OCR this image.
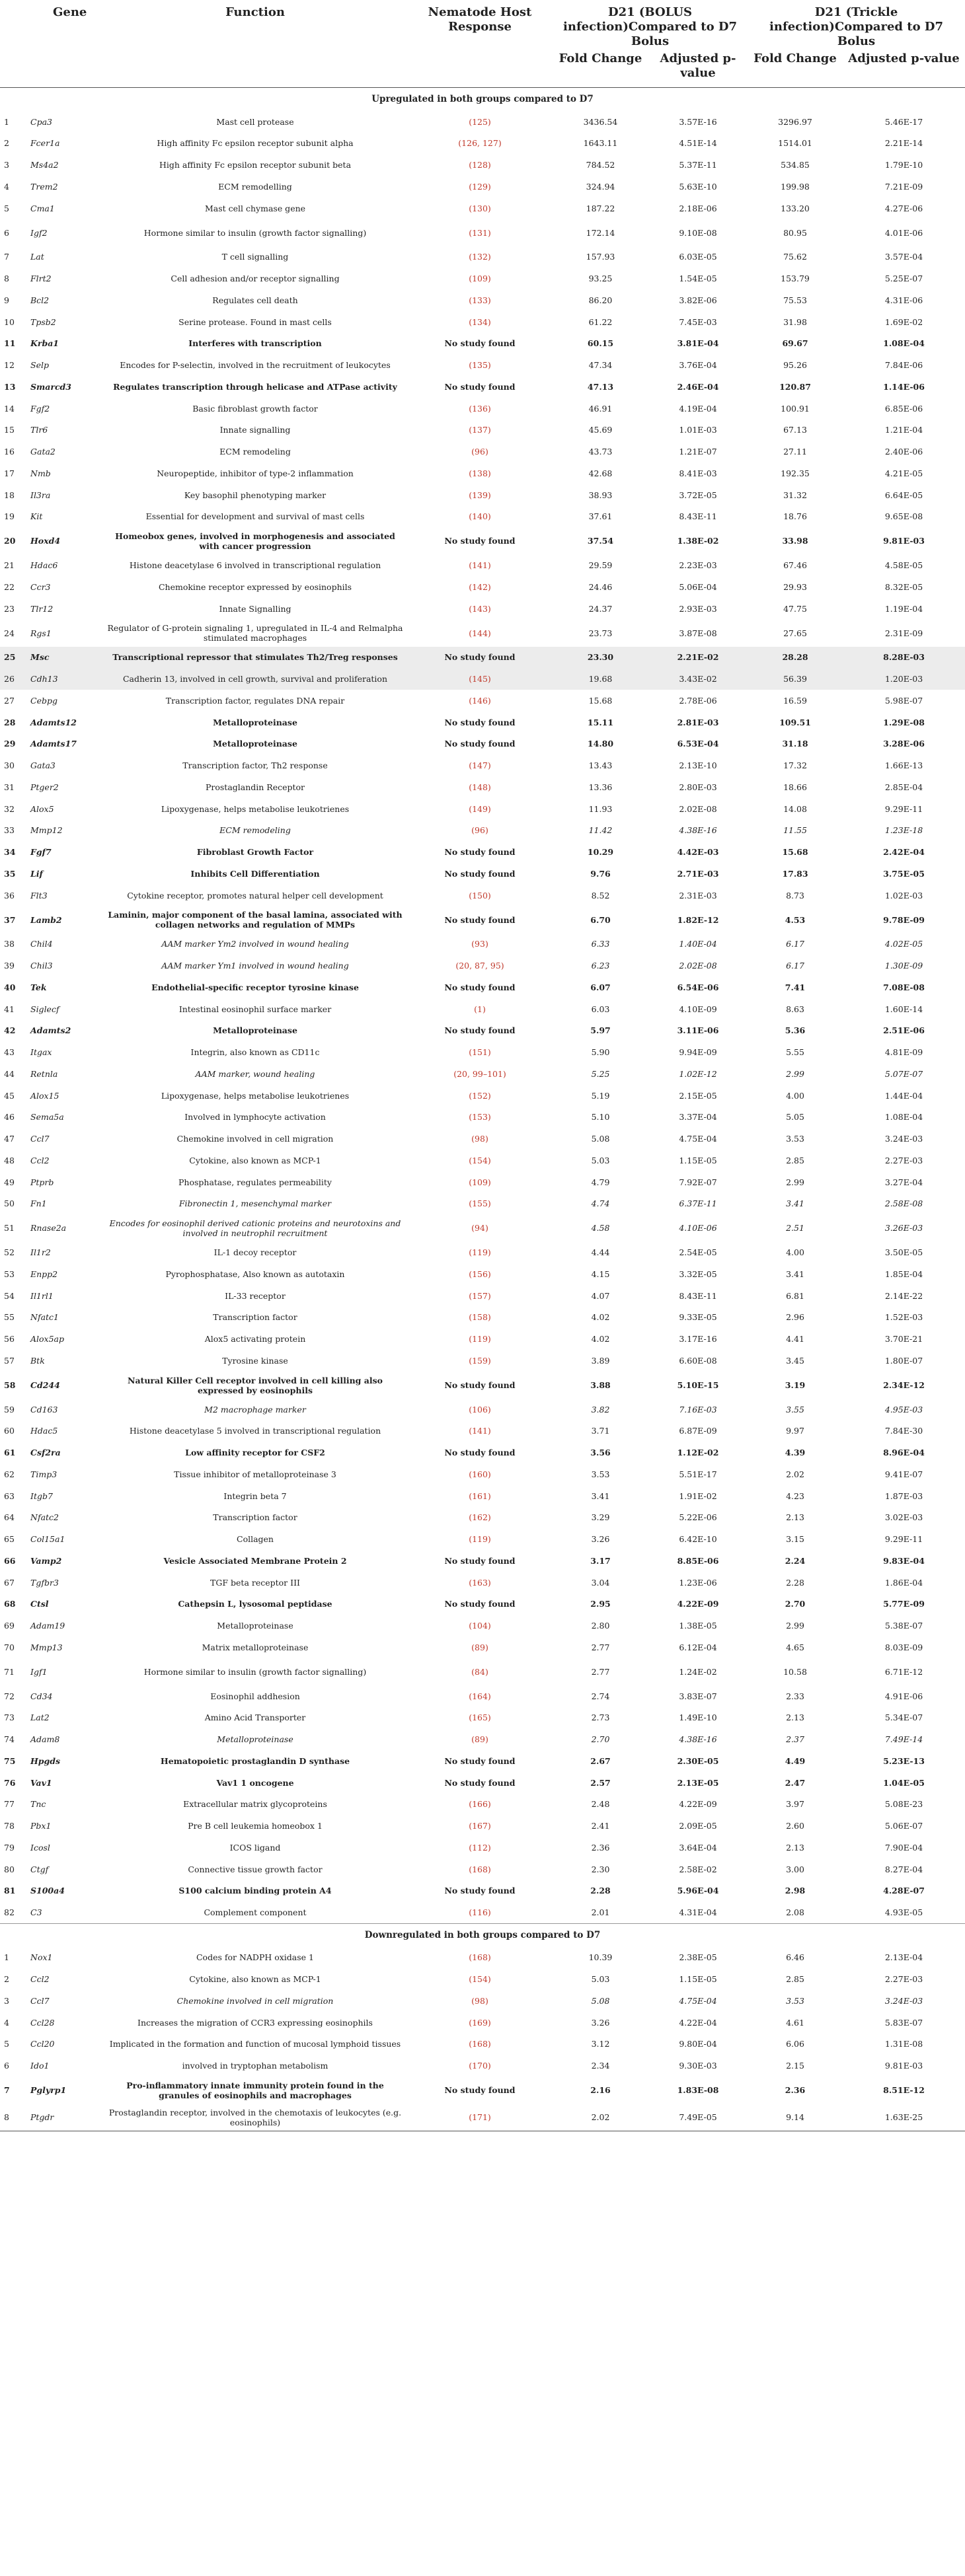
Gene		Function	Nematode Host Response	D21 (BOLUS infection)Compared to D7 Bolus		D21 (Trickle infection)Compared to D7 Bolus	
				Fold Change	Adjusted p-value	Fold Change	Adjusted p-value
Upregulated in both groups compared to D7							
1	Cpa3	Mast cell protease	(125)	3436.54	3.57E-16	3296.97	5.46E-17
2	Fcer1a	High affinity Fc epsilon receptor subunit alpha	(126, 127)	1643.11	4.51E-14	1514.01	2.21E-14
3	Ms4a2	High affinity Fc epsilon receptor subunit beta	(128)	784.52	5.37E-11	534.85	1.79E-10
4	Trem2	ECM remodelling	(129)	324.94	5.63E-10	199.98	7.21E-09
5	Cma1	Mast cell chymase gene	(130)	187.22	2.18E-06	133.20	4.27E-06
6	Igf2	Hormone similar to insulin (growth factor signalling)	(131)	172.14	9.10E-08	80.95	4.01E-06
7	Lat	T cell signalling	(132)	157.93	6.03E-05	75.62	3.57E-04
8	Flrt2	Cell adhesion and/or receptor signalling	(109)	93.25	1.54E-05	153.79	5.25E-07
9	Bcl2	Regulates cell death	(133)	86.20	3.82E-06	75.53	4.31E-06
10	Tpsb2	Serine protease. Found in mast cells	(134)	61.22	7.45E-03	31.98	1.69E-02
11	Krba1	Interferes with transcription	No study found	60.15	3.81E-04	69.67	1.08E-04
12	Selp	Encodes for P-selectin, involved in the recruitment of leukocytes	(135)	47.34	3.76E-04	95.26	7.84E-06
13	Smarcd3	Regulates transcription through helicase and ATPase activity	No study found	47.13	2.46E-04	120.87	1.14E-06
14	Fgf2	Basic fibroblast growth factor	(136)	46.91	4.19E-04	100.91	6.85E-06
15	Tlr6	Innate signalling	(137)	45.69	1.01E-03	67.13	1.21E-04
16	Gata2	ECM remodeling	(96)	43.73	1.21E-07	27.11	2.40E-06
17	Nmb	Neuropeptide, inhibitor of type-2 inflammation	(138)	42.68	8.41E-03	192.35	4.21E-05
18	Il3ra	Key basophil phenotyping marker	(139)	38.93	3.72E-05	31.32	6.64E-05
19	Kit	Essential for development and survival of mast cells	(140)	37.61	8.43E-11	18.76	9.65E-08
20	Hoxd4	Homeobox genes, involved in morphogenesis and associated with cancer progression	No study found	37.54	1.38E-02	33.98	9.81E-03
21	Hdac6	Histone deacetylase 6 involved in transcriptional regulation	(141)	29.59	2.23E-03	67.46	4.58E-05
22	Ccr3	Chemokine receptor expressed by eosinophils	(142)	24.46	5.06E-04	29.93	8.32E-05
23	Tlr12	Innate Signalling	(143)	24.37	2.93E-03	47.75	1.19E-04
24	Rgs1	Regulator of G-protein signaling 1, upregulated in IL-4 and Relmalpha stimulated macrophages	(144)	23.73	3.87E-08	27.65	2.31E-09
25	Msc	Transcriptional repressor that stimulates Th2/Treg responses	No study found	23.30	2.21E-02	28.28	8.28E-03
26	Cdh13	Cadherin 13, involved in cell growth, survival and proliferation	(145)	19.68	3.43E-02	56.39	1.20E-03
27	Cebpg	Transcription factor, regulates DNA repair	(146)	15.68	2.78E-06	16.59	5.98E-07
28	Adamts12	Metalloproteinase	No study found	15.11	2.81E-03	109.51	1.29E-08
29	Adamts17	Metalloproteinase	No study found	14.80	6.53E-04	31.18	3.28E-06
30	Gata3	Transcription factor, Th2 response	(147)	13.43	2.13E-10	17.32	1.66E-13
31	Ptger2	Prostaglandin Receptor	(148)	13.36	2.80E-03	18.66	2.85E-04
32	Alox5	Lipoxygenase, helps metabolise leukotrienes	(149)	11.93	2.02E-08	14.08	9.29E-11
33	Mmp12	ECM remodeling	(96)	11.42	4.38E-16	11.55	1.23E-18
34	Fgf7	Fibroblast Growth Factor	No study found	10.29	4.42E-03	15.68	2.42E-04
35	Lif	Inhibits Cell Differentiation	No study found	9.76	2.71E-03	17.83	3.75E-05
36	Flt3	Cytokine receptor, promotes natural helper cell development	(150)	8.52	2.31E-03	8.73	1.02E-03
37	Lamb2	Laminin, major component of the basal lamina, associated with collagen networks and regulation of MMPs	No study found	6.70	1.82E-12	4.53	9.78E-09
38	Chil4	AAM marker Ym2 involved in wound healing	(93)	6.33	1.40E-04	6.17	4.02E-05
39	Chil3	AAM marker Ym1 involved in wound healing	(20, 87, 95)	6.23	2.02E-08	6.17	1.30E-09
40	Tek	Endothelial-specific receptor tyrosine kinase	No study found	6.07	6.54E-06	7.41	7.08E-08
41	Siglecf	Intestinal eosinophil surface marker	(1)	6.03	4.10E-09	8.63	1.60E-14
42	Adamts2	Metalloproteinase	No study found	5.97	3.11E-06	5.36	2.51E-06
43	Itgax	Integrin, also known as CD11c	(151)	5.90	9.94E-09	5.55	4.81E-09
44	Retnla	AAM marker, wound healing	(20, 99–101)	5.25	1.02E-12	2.99	5.07E-07
45	Alox15	Lipoxygenase, helps metabolise leukotrienes	(152)	5.19	2.15E-05	4.00	1.44E-04
46	Sema5a	Involved in lymphocyte activation	(153)	5.10	3.37E-04	5.05	1.08E-04
47	Ccl7	Chemokine involved in cell migration	(98)	5.08	4.75E-04	3.53	3.24E-03
48	Ccl2	Cytokine, also known as MCP-1	(154)	5.03	1.15E-05	2.85	2.27E-03
49	Ptprb	Phosphatase, regulates permeability	(109)	4.79	7.92E-07	2.99	3.27E-04
50	Fn1	Fibronectin 1, mesenchymal marker	(155)	4.74	6.37E-11	3.41	2.58E-08
51	Rnase2a	Encodes for eosinophil derived cationic proteins and neurotoxins and involved in neutrophil recruitment	(94)	4.58	4.10E-06	2.51	3.26E-03
52	Il1r2	IL-1 decoy receptor	(119)	4.44	2.54E-05	4.00	3.50E-05
53	Enpp2	Pyrophosphatase, Also known as autotaxin	(156)	4.15	3.32E-05	3.41	1.85E-04
54	Il1rl1	IL-33 receptor	(157)	4.07	8.43E-11	6.81	2.14E-22
55	Nfatc1	Transcription factor	(158)	4.02	9.33E-05	2.96	1.52E-03
56	Alox5ap	Alox5 activating protein	(119)	4.02	3.17E-16	4.41	3.70E-21
57	Btk	Tyrosine kinase	(159)	3.89	6.60E-08	3.45	1.80E-07
58	Cd244	Natural Killer Cell receptor involved in cell killing also expressed by eosinophils	No study found	3.88	5.10E-15	3.19	2.34E-12
59	Cd163	M2 macrophage marker	(106)	3.82	7.16E-03	3.55	4.95E-03
60	Hdac5	Histone deacetylase 5 involved in transcriptional regulation	(141)	3.71	6.87E-09	9.97	7.84E-30
61	Csf2ra	Low affinity receptor for CSF2	No study found	3.56	1.12E-02	4.39	8.96E-04
62	Timp3	Tissue inhibitor of metalloproteinase 3	(160)	3.53	5.51E-17	2.02	9.41E-07
63	Itgb7	Integrin beta 7	(161)	3.41	1.91E-02	4.23	1.87E-03
64	Nfatc2	Transcription factor	(162)	3.29	5.22E-06	2.13	3.02E-03
65	Col15a1	Collagen	(119)	3.26	6.42E-10	3.15	9.29E-11
66	Vamp2	Vesicle Associated Membrane Protein 2	No study found	3.17	8.85E-06	2.24	9.83E-04
67	Tgfbr3	TGF beta receptor III	(163)	3.04	1.23E-06	2.28	1.86E-04
68	Ctsl	Cathepsin L, lysosomal peptidase	No study found	2.95	4.22E-09	2.70	5.77E-09
69	Adam19	Metalloproteinase	(104)	2.80	1.38E-05	2.99	5.38E-07
70	Mmp13	Matrix metalloproteinase	(89)	2.77	6.12E-04	4.65	8.03E-09
71	Igf1	Hormone similar to insulin (growth factor signalling)	(84)	2.77	1.24E-02	10.58	6.71E-12
72	Cd34	Eosinophil addhesion	(164)	2.74	3.83E-07	2.33	4.91E-06
73	Lat2	Amino Acid Transporter	(165)	2.73	1.49E-10	2.13	5.34E-07
74	Adam8	Metalloproteinase	(89)	2.70	4.38E-16	2.37	7.49E-14
75	Hpgds	Hematopoietic prostaglandin D synthase	No study found	2.67	2.30E-05	4.49	5.23E-13
76	Vav1	Vav1 1 oncogene	No study found	2.57	2.13E-05	2.47	1.04E-05
77	Tnc	Extracellular matrix glycoproteins	(166)	2.48	4.22E-09	3.97	5.08E-23
78	Pbx1	Pre B cell leukemia homeobox 1	(167)	2.41	2.09E-05	2.60	5.06E-07
79	Icosl	ICOS ligand	(112)	2.36	3.64E-04	2.13	7.90E-04
80	Ctgf	Connective tissue growth factor	(168)	2.30	2.58E-02	3.00	8.27E-04
81	S100a4	S100 calcium binding protein A4	No study found	2.28	5.96E-04	2.98	4.28E-07
82	C3	Complement component	(116)	2.01	4.31E-04	2.08	4.93E-05
Downregulated in both groups compared to D7							
1	Nox1	Codes for NADPH oxidase 1	(168)	10.39	2.38E-05	6.46	2.13E-04
2	Ccl2	Cytokine, also known as MCP-1	(154)	5.03	1.15E-05	2.85	2.27E-03
3	Ccl7	Chemokine involved in cell migration	(98)	5.08	4.75E-04	3.53	3.24E-03
4	Ccl28	Increases the migration of CCR3 expressing eosinophils	(169)	3.26	4.22E-04	4.61	5.83E-07
5	Ccl20	Implicated in the formation and function of mucosal lymphoid tissues	(168)	3.12	9.80E-04	6.06	1.31E-08
6	Ido1	involved in tryptophan metabolism	(170)	2.34	9.30E-03	2.15	9.81E-03
7	Pglyrp1	Pro-inflammatory innate immunity protein found in the granules of eosinophils and macrophages	No study found	2.16	1.83E-08	2.36	8.51E-12
8	Ptgdr	Prostaglandin receptor, involved in the chemotaxis of leukocytes (e.g. eosinophils)	(171)	2.02	7.49E-05	9.14	1.63E-25
